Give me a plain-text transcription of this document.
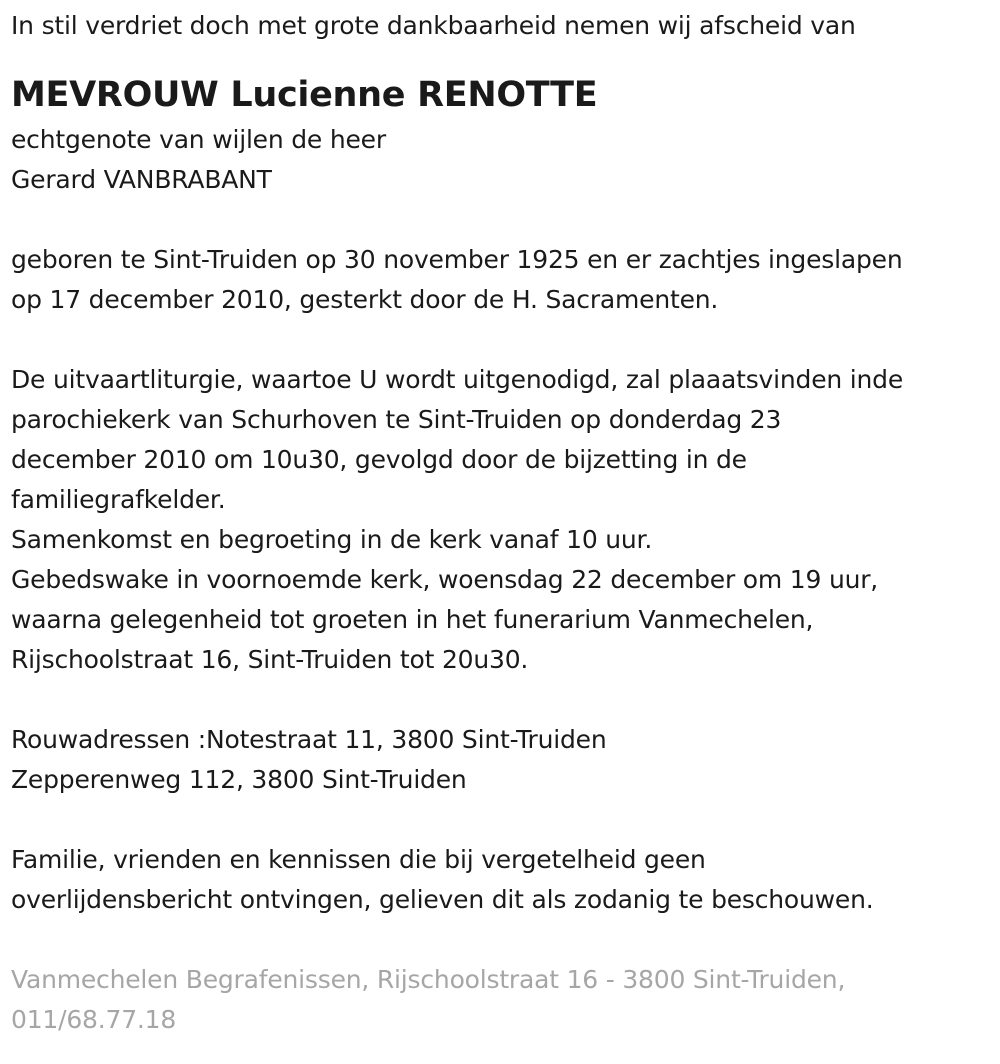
In stil verdriet doch met grote dankbaarheid nemen wij afscheid van
MEVROUW Lucienne RENOTTE
echtgenote van wijlen de heer
Gerard VANBRABANT
geboren te Sint-Truiden op 30 november 1925 en er zachtjes ingeslapen
op 17 december 2010, gesterkt door de H. Sacramenten.
De uitvaartliturgie, waartoe U wordt uitgenodigd, zal plaaatsvinden inde
parochiekerk van Schurhoven te Sint-Truiden op donderdag 23
december 2010 om 10u30, gevolgd door de bijzetting in de
familiegrafkelder.
Samenkomst en begroeting in de kerk vanaf 10 uur.
Gebedswake in voornoemde kerk, woensdag 22 december om 19 uur,
waarna gelegenheid tot groeten in het funerarium Vanmechelen,
Rijschoolstraat 16, Sint-Truiden tot 20u30.
Rouwadressen :Notestraat 11, 3800 Sint-Truiden
Zepperenweg 112, 3800 Sint-Truiden
Familie, vrienden en kennissen die bij vergetelheid geen
overlijdensbericht ontvingen, gelieven dit als zodanig te beschouwen.
Vanmechelen Begrafenissen, Rijschoolstraat 16 - 3800 Sint-Truiden,
011/68.77.18
